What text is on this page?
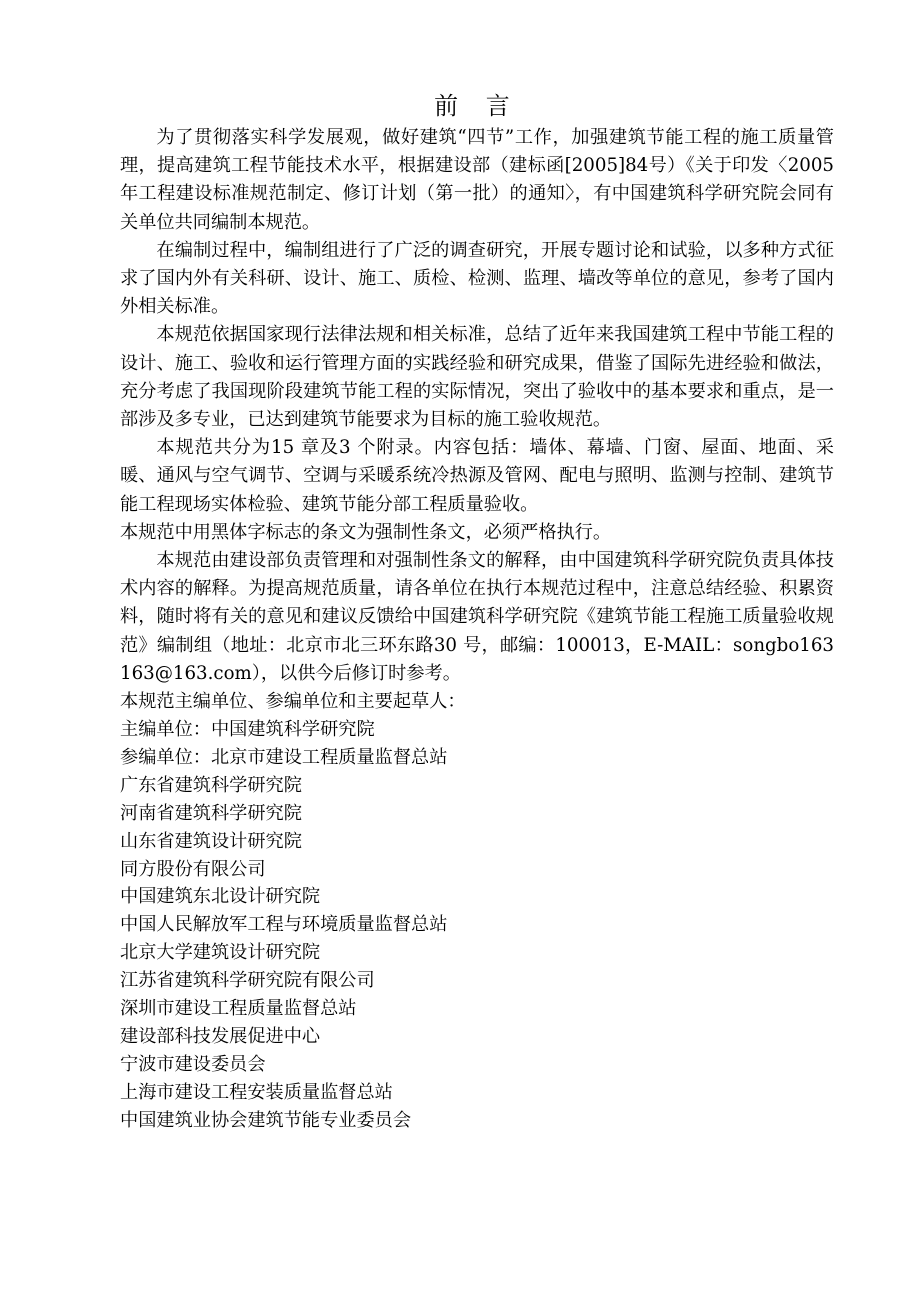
前 言

为了贯彻落实科学发展观，做好建筑“四节”工作，加强建筑节能工程的施工质量管理，提高建筑工程节能技术水平，根据建设部（建标函[2005]84号）《关于印发〈2005 年工程建设标准规范制定、修订计划（第一批）的通知〉，有中国建筑科学研究院会同有关单位共同编制本规范。

在编制过程中，编制组进行了广泛的调查研究，开展专题讨论和试验，以多种方式征求了国内外有关科研、设计、施工、质检、检测、监理、墙改等单位的意见，参考了国内外相关标准。

本规范依据国家现行法律法规和相关标准，总结了近年来我国建筑工程中节能工程的设计、施工、验收和运行管理方面的实践经验和研究成果，借鉴了国际先进经验和做法，充分考虑了我国现阶段建筑节能工程的实际情况，突出了验收中的基本要求和重点，是一部涉及多专业，已达到建筑节能要求为目标的施工验收规范。

本规范共分为15 章及3 个附录。内容包括：墙体、幕墙、门窗、屋面、地面、采暖、通风与空气调节、空调与采暖系统冷热源及管网、配电与照明、监测与控制、建筑节能工程现场实体检验、建筑节能分部工程质量验收。

本规范中用黑体字标志的条文为强制性条文，必须严格执行。

本规范由建设部负责管理和对强制性条文的解释，由中国建筑科学研究院负责具体技术内容的解释。为提高规范质量，请各单位在执行本规范过程中，注意总结经验、积累资料，随时将有关的意见和建议反馈给中国建筑科学研究院《建筑节能工程施工质量验收规范》编制组（地址：北京市北三环东路30 号，邮编：100013，E-MAIL：songbo163163@163.com），以供今后修订时参考。

本规范主编单位、参编单位和主要起草人：

主编单位：中国建筑科学研究院

参编单位：北京市建设工程质量监督总站

广东省建筑科学研究院

河南省建筑科学研究院

山东省建筑设计研究院

同方股份有限公司

中国建筑东北设计研究院

中国人民解放军工程与环境质量监督总站

北京大学建筑设计研究院

江苏省建筑科学研究院有限公司

深圳市建设工程质量监督总站

建设部科技发展促进中心

宁波市建设委员会

上海市建设工程安装质量监督总站

中国建筑业协会建筑节能专业委员会
